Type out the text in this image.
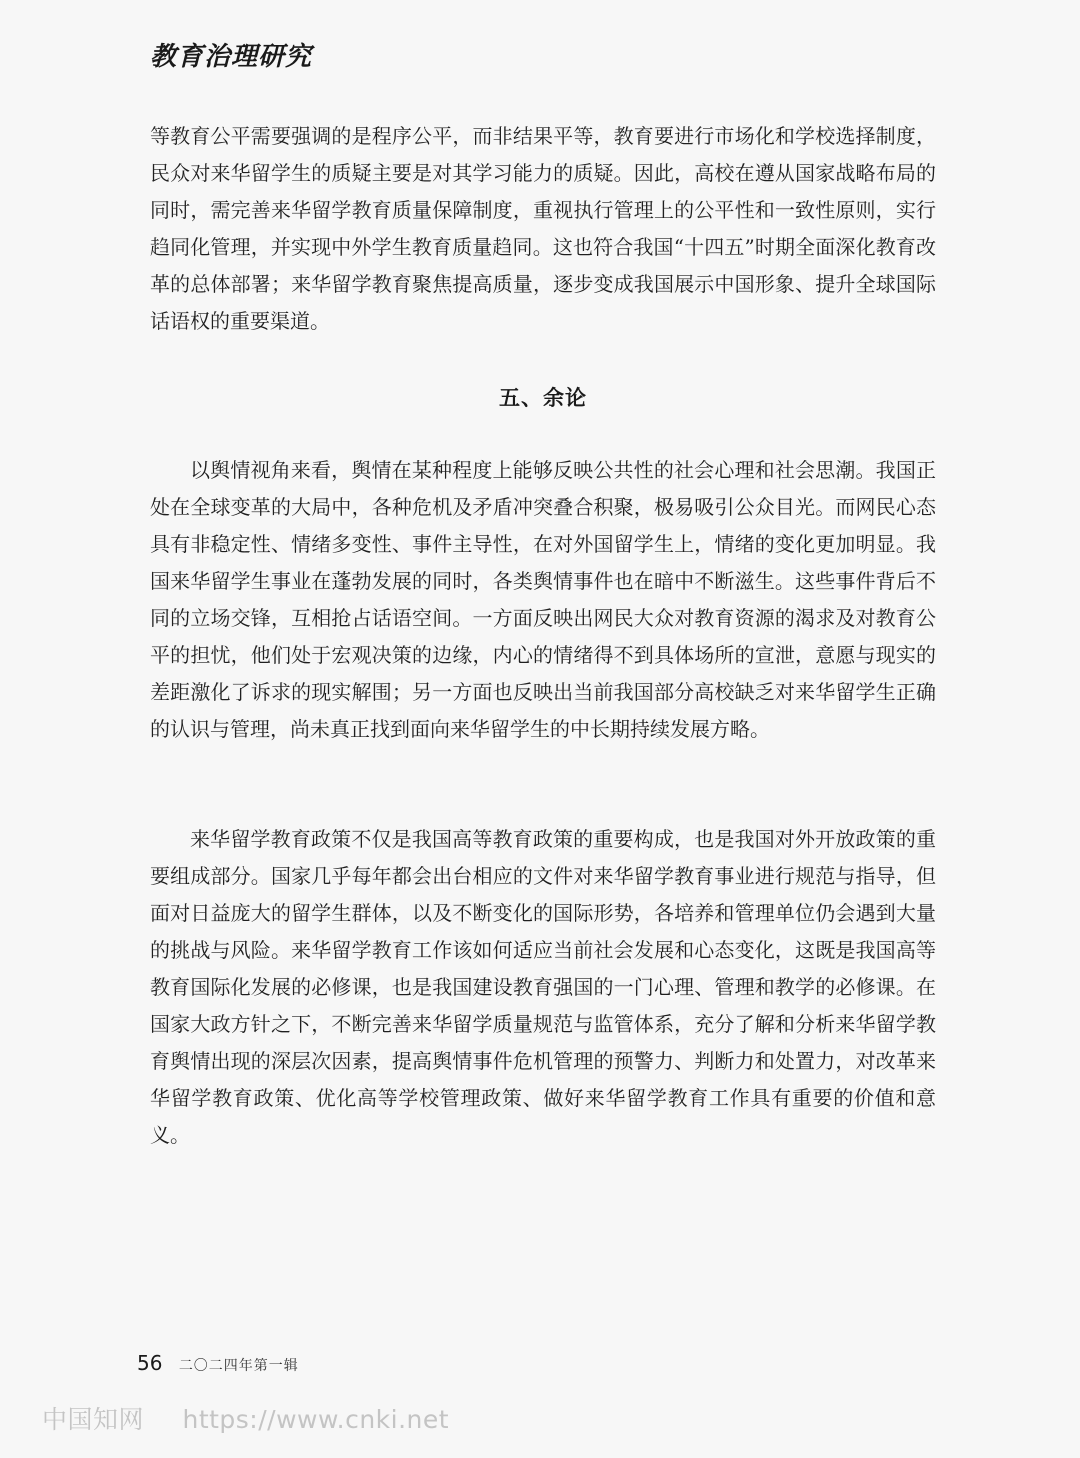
教育治理研究

等教育公平需要强调的是程序公平，而非结果平等，教育要进行市场化和学校选择制度，民众对来华留学生的质疑主要是对其学习能力的质疑。因此，高校在遵从国家战略布局的同时，需完善来华留学教育质量保障制度，重视执行管理上的公平性和一致性原则，实行趋同化管理，并实现中外学生教育质量趋同。这也符合我国“十四五”时期全面深化教育改革的总体部署；来华留学教育聚焦提高质量，逐步变成我国展示中国形象、提升全球国际话语权的重要渠道。

五、余论

以舆情视角来看，舆情在某种程度上能够反映公共性的社会心理和社会思潮。我国正处在全球变革的大局中，各种危机及矛盾冲突叠合积聚，极易吸引公众目光。而网民心态具有非稳定性、情绪多变性、事件主导性，在对外国留学生上，情绪的变化更加明显。我国来华留学生事业在蓬勃发展的同时，各类舆情事件也在暗中不断滋生。这些事件背后不同的立场交锋，互相抢占话语空间。一方面反映出网民大众对教育资源的渴求及对教育公平的担忧，他们处于宏观决策的边缘，内心的情绪得不到具体场所的宣泄，意愿与现实的差距激化了诉求的现实解围；另一方面也反映出当前我国部分高校缺乏对来华留学生正确的认识与管理，尚未真正找到面向来华留学生的中长期持续发展方略。

来华留学教育政策不仅是我国高等教育政策的重要构成，也是我国对外开放政策的重要组成部分。国家几乎每年都会出台相应的文件对来华留学教育事业进行规范与指导，但面对日益庞大的留学生群体，以及不断变化的国际形势，各培养和管理单位仍会遇到大量的挑战与风险。来华留学教育工作该如何适应当前社会发展和心态变化，这既是我国高等教育国际化发展的必修课，也是我国建设教育强国的一门心理、管理和教学的必修课。在国家大政方针之下，不断完善来华留学质量规范与监管体系，充分了解和分析来华留学教育舆情出现的深层次因素，提高舆情事件危机管理的预警力、判断力和处置力，对改革来华留学教育政策、优化高等学校管理政策、做好来华留学教育工作具有重要的价值和意义。

56 二〇二四年第一辑
中国知网 https://www.cnki.net
